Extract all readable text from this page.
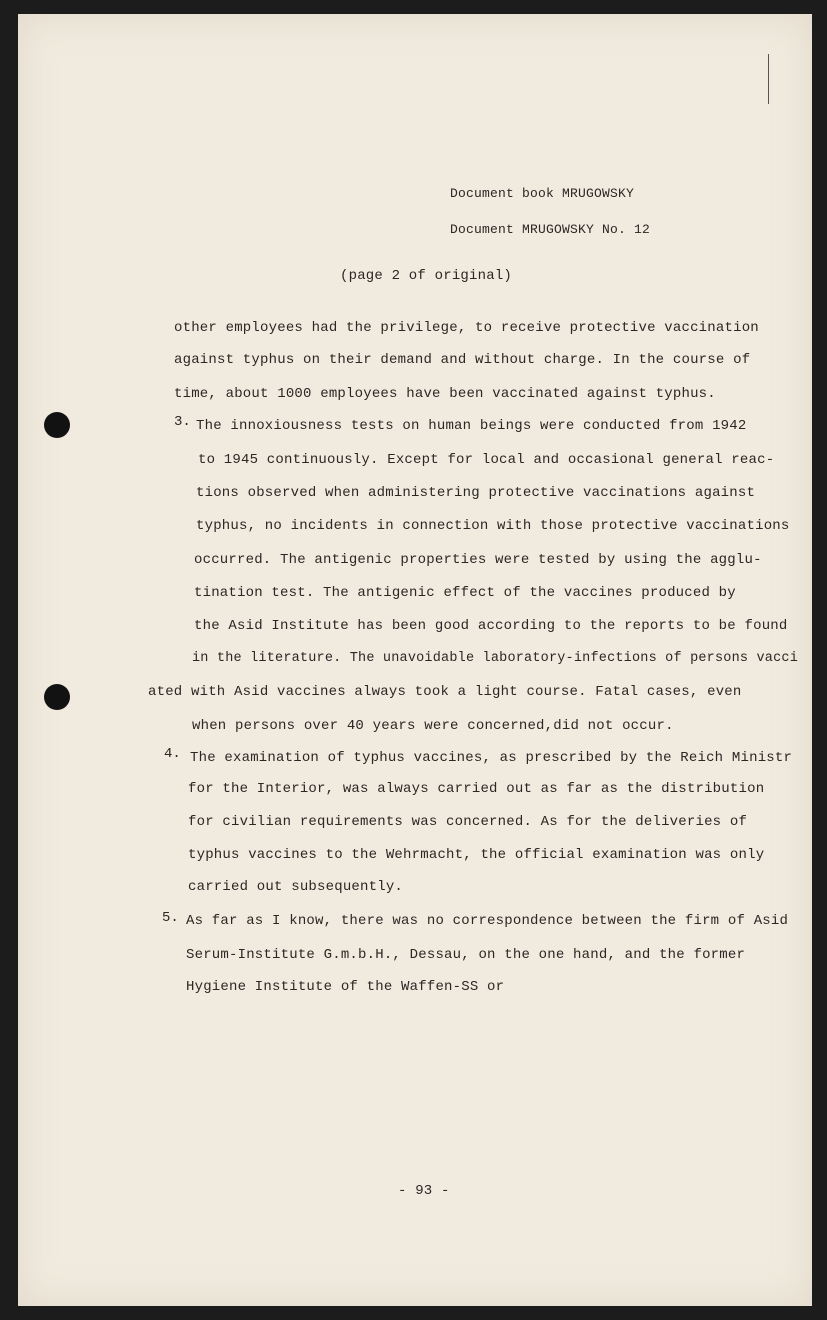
Document book MRUGOWSKY
Document MRUGOWSKY No. 12
(page 2 of original)
other employees had the privilege, to receive protective vaccination
against typhus on their demand and without charge. In the course of
time, about 1000 employees have been vaccinated against typhus.
3. The innoxiousness tests on human beings were conducted from 1942
to 1945 continuously. Except for local and occasional general reac-
tions observed when administering protective vaccinations against
typhus, no incidents in connection with those protective vaccinations
occurred. The antigenic properties were tested by using the agglu-
tination test. The antigenic effect of the vaccines produced by
the Asid Institute has been good according to the reports to be found
in the literature. The unavoidable laboratory-infections of persons vacci
ated with Asid vaccines always took a light course. Fatal cases, even
when persons over 40 years were concerned,did not occur.
4. The examination of typhus vaccines, as prescribed by the Reich Ministr
for the Interior, was always carried out as far as the distribution
for civilian requirements was concerned. As for the deliveries of
typhus vaccines to the Wehrmacht, the official examination was only
carried out subsequently.
5. As far as I know, there was no correspondence between the firm of Asid
Serum-Institute G.m.b.H., Dessau, on the one hand, and the former
Hygiene Institute of the Waffen-SS or
- 93 -
